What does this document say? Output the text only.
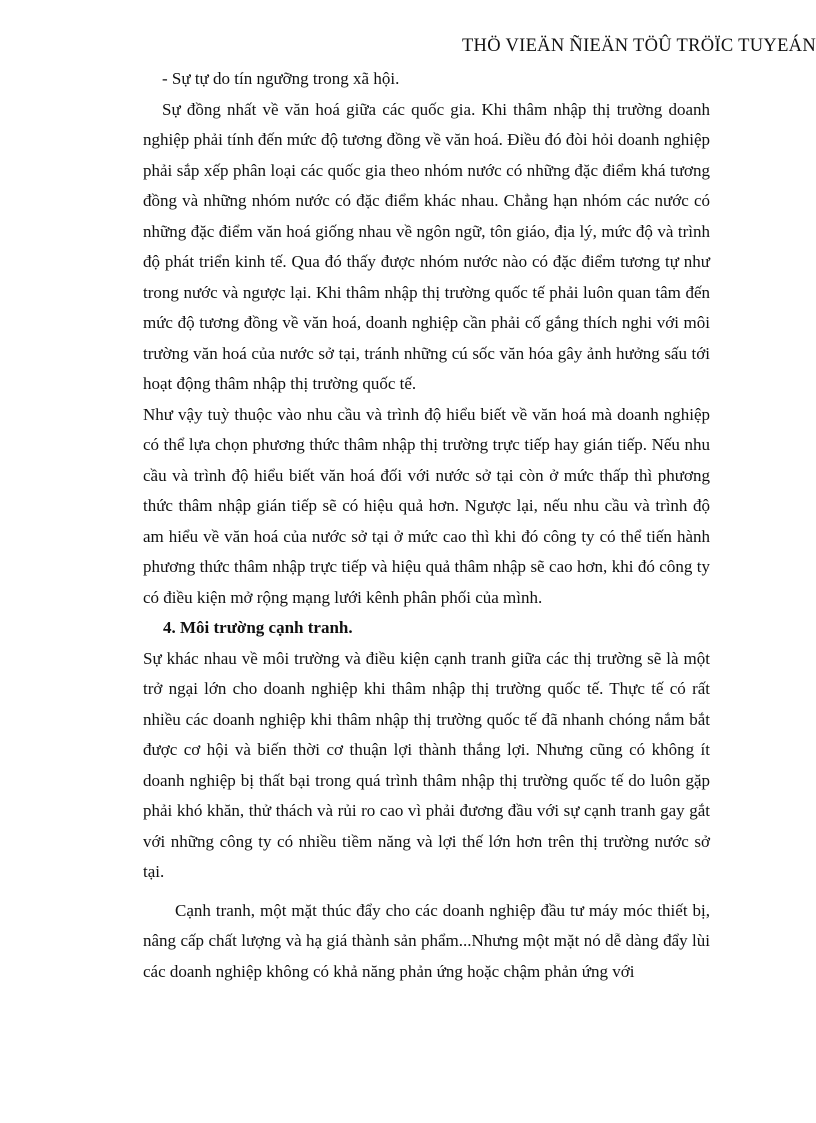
THÖ VIEÄN ÑIEÄN TÖÛ TRÖÏC TUYEÁN

- Sự tự do tín ngưỡng trong xã hội.

Sự đồng nhất về văn hoá giữa các quốc gia. Khi thâm nhập thị trường doanh nghiệp phải tính đến mức độ tương đồng về văn hoá. Điều đó đòi hỏi doanh nghiệp phải sắp xếp phân loại các quốc gia theo nhóm nước có những đặc điểm khá tương đồng và những nhóm nước có đặc điểm khác nhau. Chẳng hạn nhóm các nước có những đặc điểm văn hoá giống nhau về ngôn ngữ, tôn giáo, địa lý, mức độ và trình độ phát triển kinh tế. Qua đó thấy được nhóm nước nào có đặc điểm tương tự như trong nước và ngược lại. Khi thâm nhập thị trường quốc tế phải luôn quan tâm đến mức độ tương đồng về văn hoá, doanh nghiệp cần phải cố gắng thích nghi với môi trường văn hoá của nước sở tại, tránh những cú sốc văn hóa gây ảnh hưởng sấu tới hoạt động thâm nhập thị trường quốc tế.

Như vậy tuỳ thuộc vào nhu cầu và trình độ hiểu biết về văn hoá mà doanh nghiệp có thể lựa chọn phương thức thâm nhập thị trường trực tiếp hay gián tiếp. Nếu nhu cầu và trình độ hiểu biết văn hoá đối với nước sở tại còn ở mức thấp thì phương thức thâm nhập gián tiếp sẽ có hiệu quả hơn. Ngược lại, nếu nhu cầu và trình độ am hiểu về văn hoá của nước sở tại ở mức cao thì khi đó công ty có thể tiến hành phương thức thâm nhập trực tiếp và hiệu quả thâm nhập sẽ cao hơn, khi đó công ty có điều kiện mở rộng mạng lưới kênh phân phối của mình.

4. Môi trường cạnh tranh.

Sự khác nhau về môi trường và điều kiện cạnh tranh giữa các thị trường sẽ là một trở ngại lớn cho doanh nghiệp khi thâm nhập thị trường quốc tế. Thực tế có rất nhiều các doanh nghiệp khi thâm nhập thị trường quốc tế đã nhanh chóng nắm bắt được cơ hội và biến thời cơ thuận lợi thành thắng lợi. Nhưng cũng có không ít doanh nghiệp bị thất bại trong quá trình thâm nhập thị trường quốc tế do luôn gặp phải khó khăn, thử thách và rủi ro cao vì phải đương đầu với sự cạnh tranh gay gắt với những công ty có nhiều tiềm năng và lợi thế lớn hơn trên thị trường nước sở tại.

Cạnh tranh, một mặt thúc đẩy cho các doanh nghiệp đầu tư máy móc thiết bị, nâng cấp chất lượng và hạ giá thành sản phẩm...Nhưng một mặt nó dễ dàng đẩy lùi các doanh nghiệp không có khả năng phản ứng hoặc chậm phản ứng với
